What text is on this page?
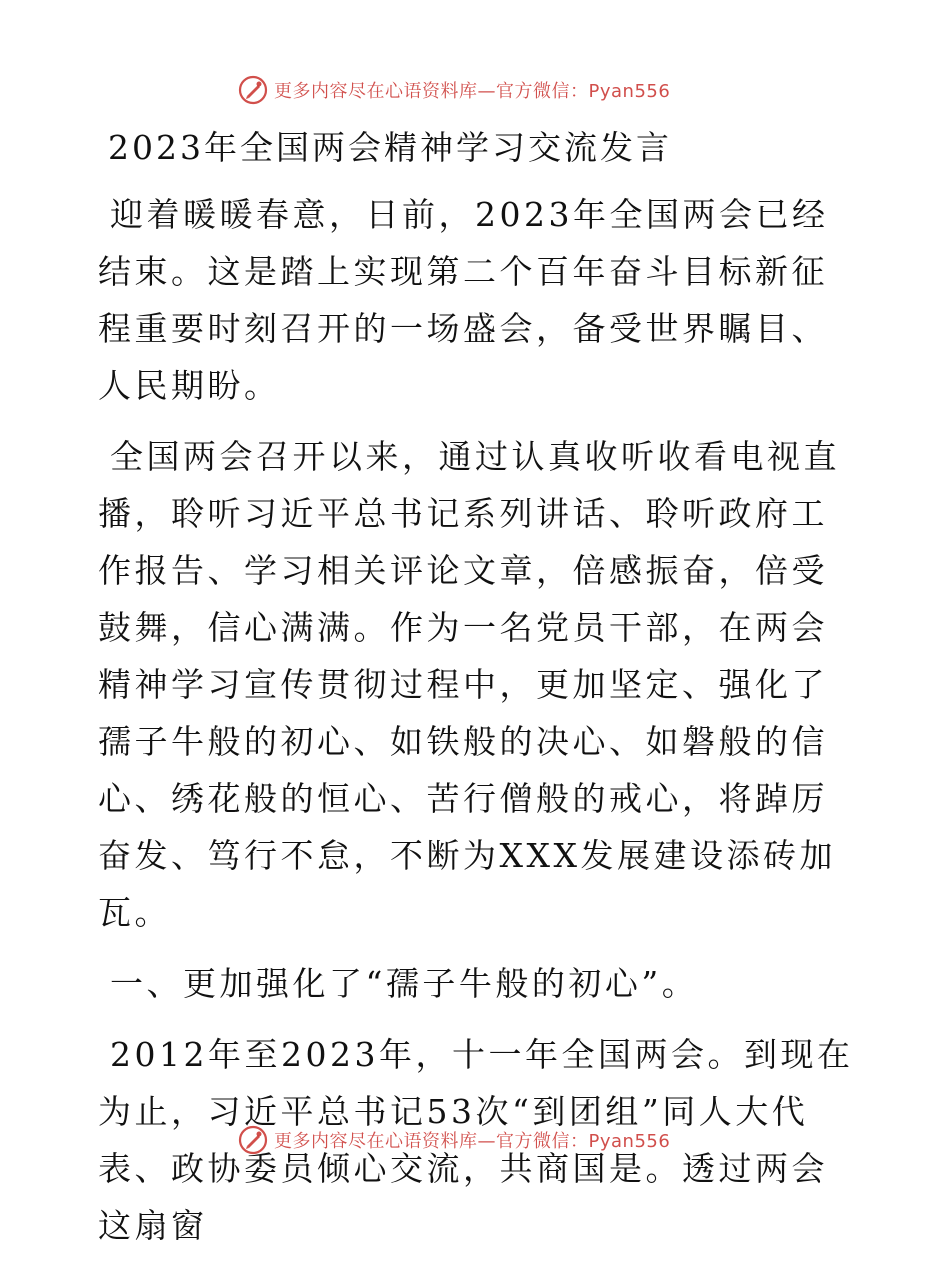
更多内容尽在心语资料库—官方微信：Pyan556
2023年全国两会精神学习交流发言

迎着暖暖春意，日前，2023年全国两会已经结束。这是踏上实现第二个百年奋斗目标新征程重要时刻召开的一场盛会，备受世界瞩目、人民期盼。

全国两会召开以来，通过认真收听收看电视直播，聆听习近平总书记系列讲话、聆听政府工作报告、学习相关评论文章，倍感振奋，倍受鼓舞，信心满满。作为一名党员干部，在两会精神学习宣传贯彻过程中，更加坚定、强化了孺子牛般的初心、如铁般的决心、如磐般的信心、绣花般的恒心、苦行僧般的戒心，将踔厉奋发、笃行不怠，不断为XXX发展建设添砖加瓦。

一、更加强化了“孺子牛般的初心”。

2012年至2023年，十一年全国两会。到现在为止，习近平总书记53次“到团组”同人大代表、政协委员倾心交流，共商国是。透过两会这扇窗

更多内容尽在心语资料库—官方微信：Pyan556
